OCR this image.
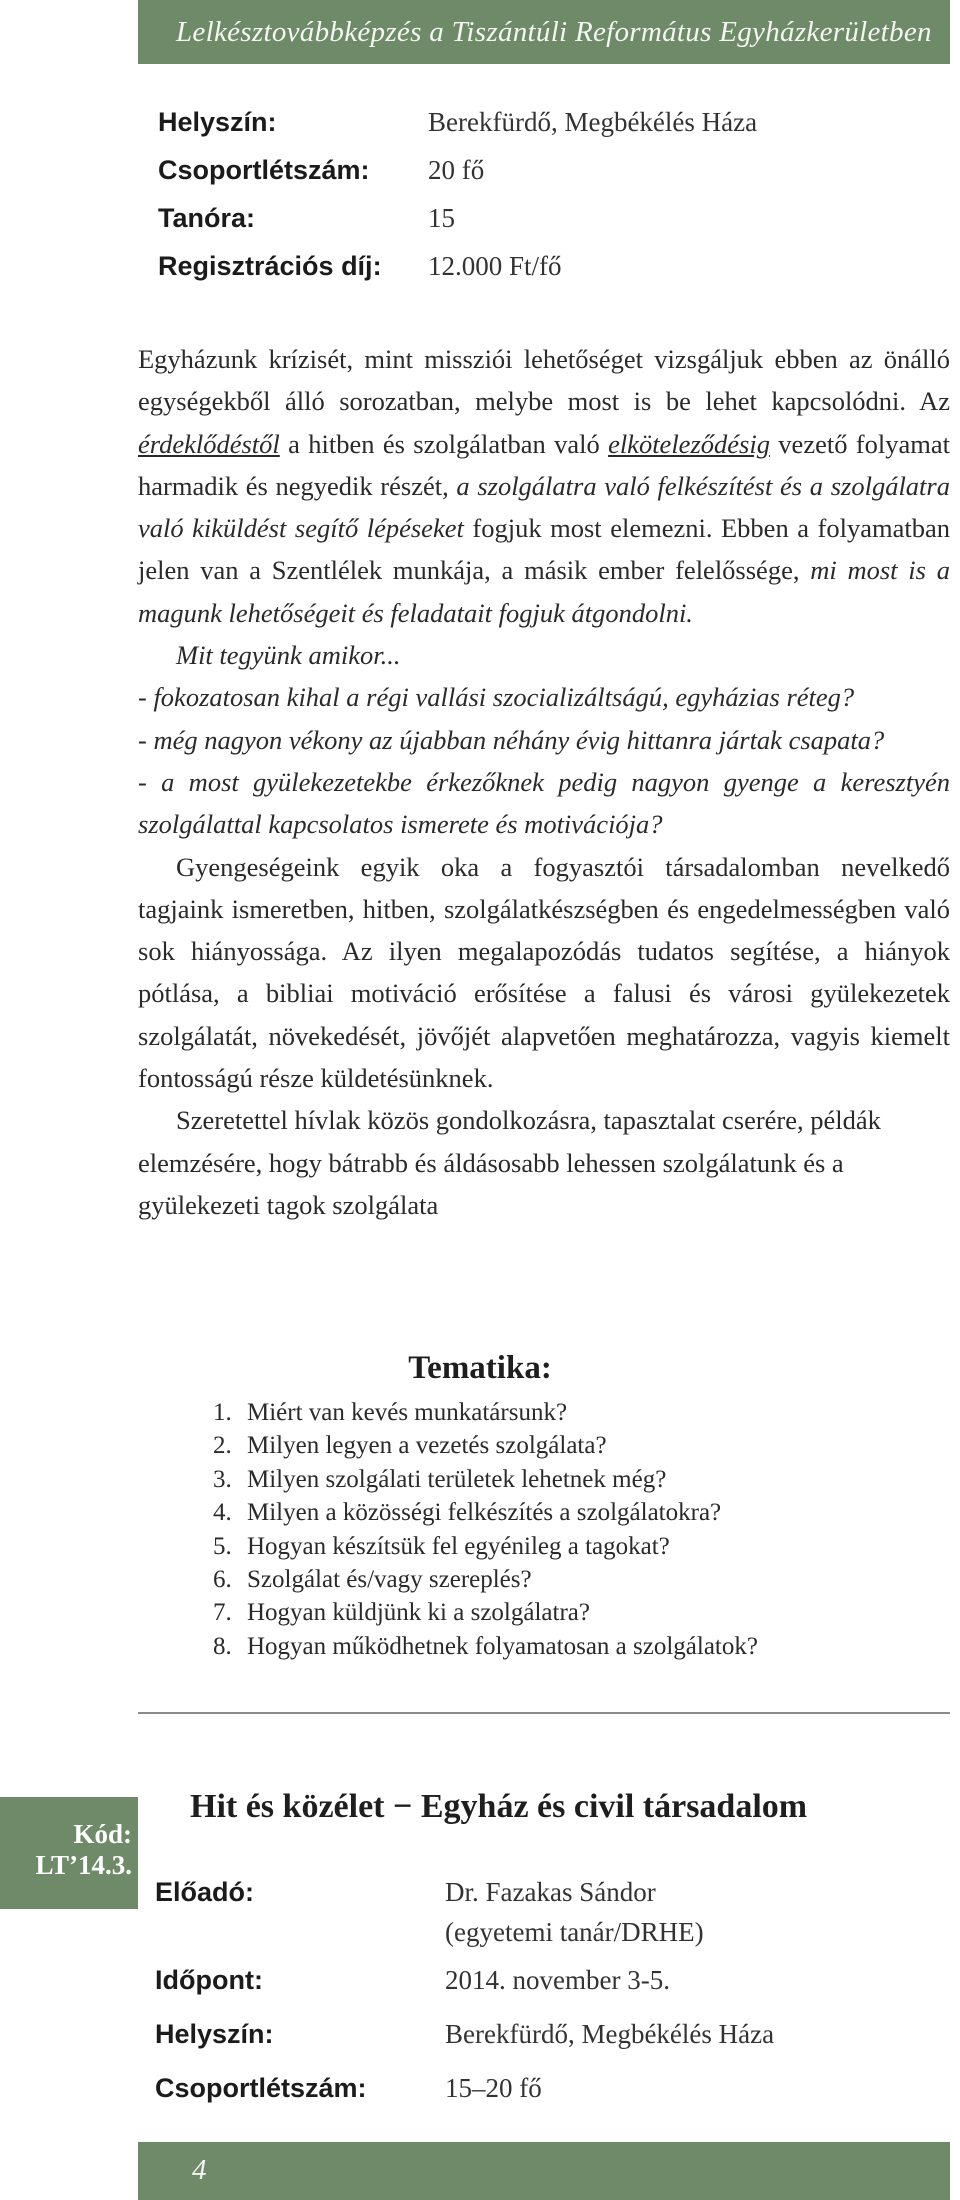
Lelkésztovábbképzés a Tiszántúli Református Egyházkerületben
Helyszín:	Berekfürdő, Megbékélés Háza
Csoportlétszám:	20 fő
Tanóra:	15
Regisztrációs díj:	12.000 Ft/fő

Egyházunk krízisét, mint missziói lehetőséget vizsgáljuk ebben az önálló egységekből álló sorozatban, melybe most is be lehet kapcsolódni. Az érdeklődéstől a hitben és szolgálatban való elköteleződésig vezető folyamat harmadik és negyedik részét, a szolgálatra való felkészítést és a szolgálatra való kiküldést segítő lépéseket fogjuk most elemezni. Ebben a folyamatban jelen van a Szentlélek munkája, a másik ember felelőssége, mi most is a magunk lehetőségeit és feladatait fogjuk átgondolni.

Mit tegyünk amikor...

- fokozatosan kihal a régi vallási szocializáltságú, egyházias réteg?

- még nagyon vékony az újabban néhány évig hittanra jártak csapata?

- a most gyülekezetekbe érkezőknek pedig nagyon gyenge a keresztyén szolgálattal kapcsolatos ismerete és motivációja?

Gyengeségeink egyik oka a fogyasztói társadalomban nevelkedő tagjaink ismeretben, hitben, szolgálatkészségben és engedelmességben való sok hiányossága. Az ilyen megalapozódás tudatos segítése, a hiányok pótlása, a bibliai motiváció erősítése a falusi és városi gyülekezetek szolgálatát, növekedését, jövőjét alapvetően meghatározza, vagyis kiemelt fontosságú része küldetésünknek.

Szeretettel hívlak közös gondolkozásra, tapasztalat cserére, példák elemzésére, hogy bátrabb és áldásosabb lehessen szolgálatunk és a gyülekezeti tagok szolgálata

Tematika:
1. Miért van kevés munkatársunk?
2. Milyen legyen a vezetés szolgálata?
3. Milyen szolgálati területek lehetnek még?
4. Milyen a közösségi felkészítés a szolgálatokra?
5. Hogyan készítsük fel egyénileg a tagokat?
6. Szolgálat és/vagy szereplés?
7. Hogyan küldjünk ki a szolgálatra?
8. Hogyan működhetnek folyamatosan a szolgálatok?
Kód:
LT’14.3.
Hit és közélet − Egyház és civil társadalom
Előadó:	Dr. Fazakas Sándor
(egyetemi tanár/DRHE)
Időpont:	2014. november 3-5.
Helyszín:	Berekfürdő, Megbékélés Háza
Csoportlétszám:	15–20 fő
4
